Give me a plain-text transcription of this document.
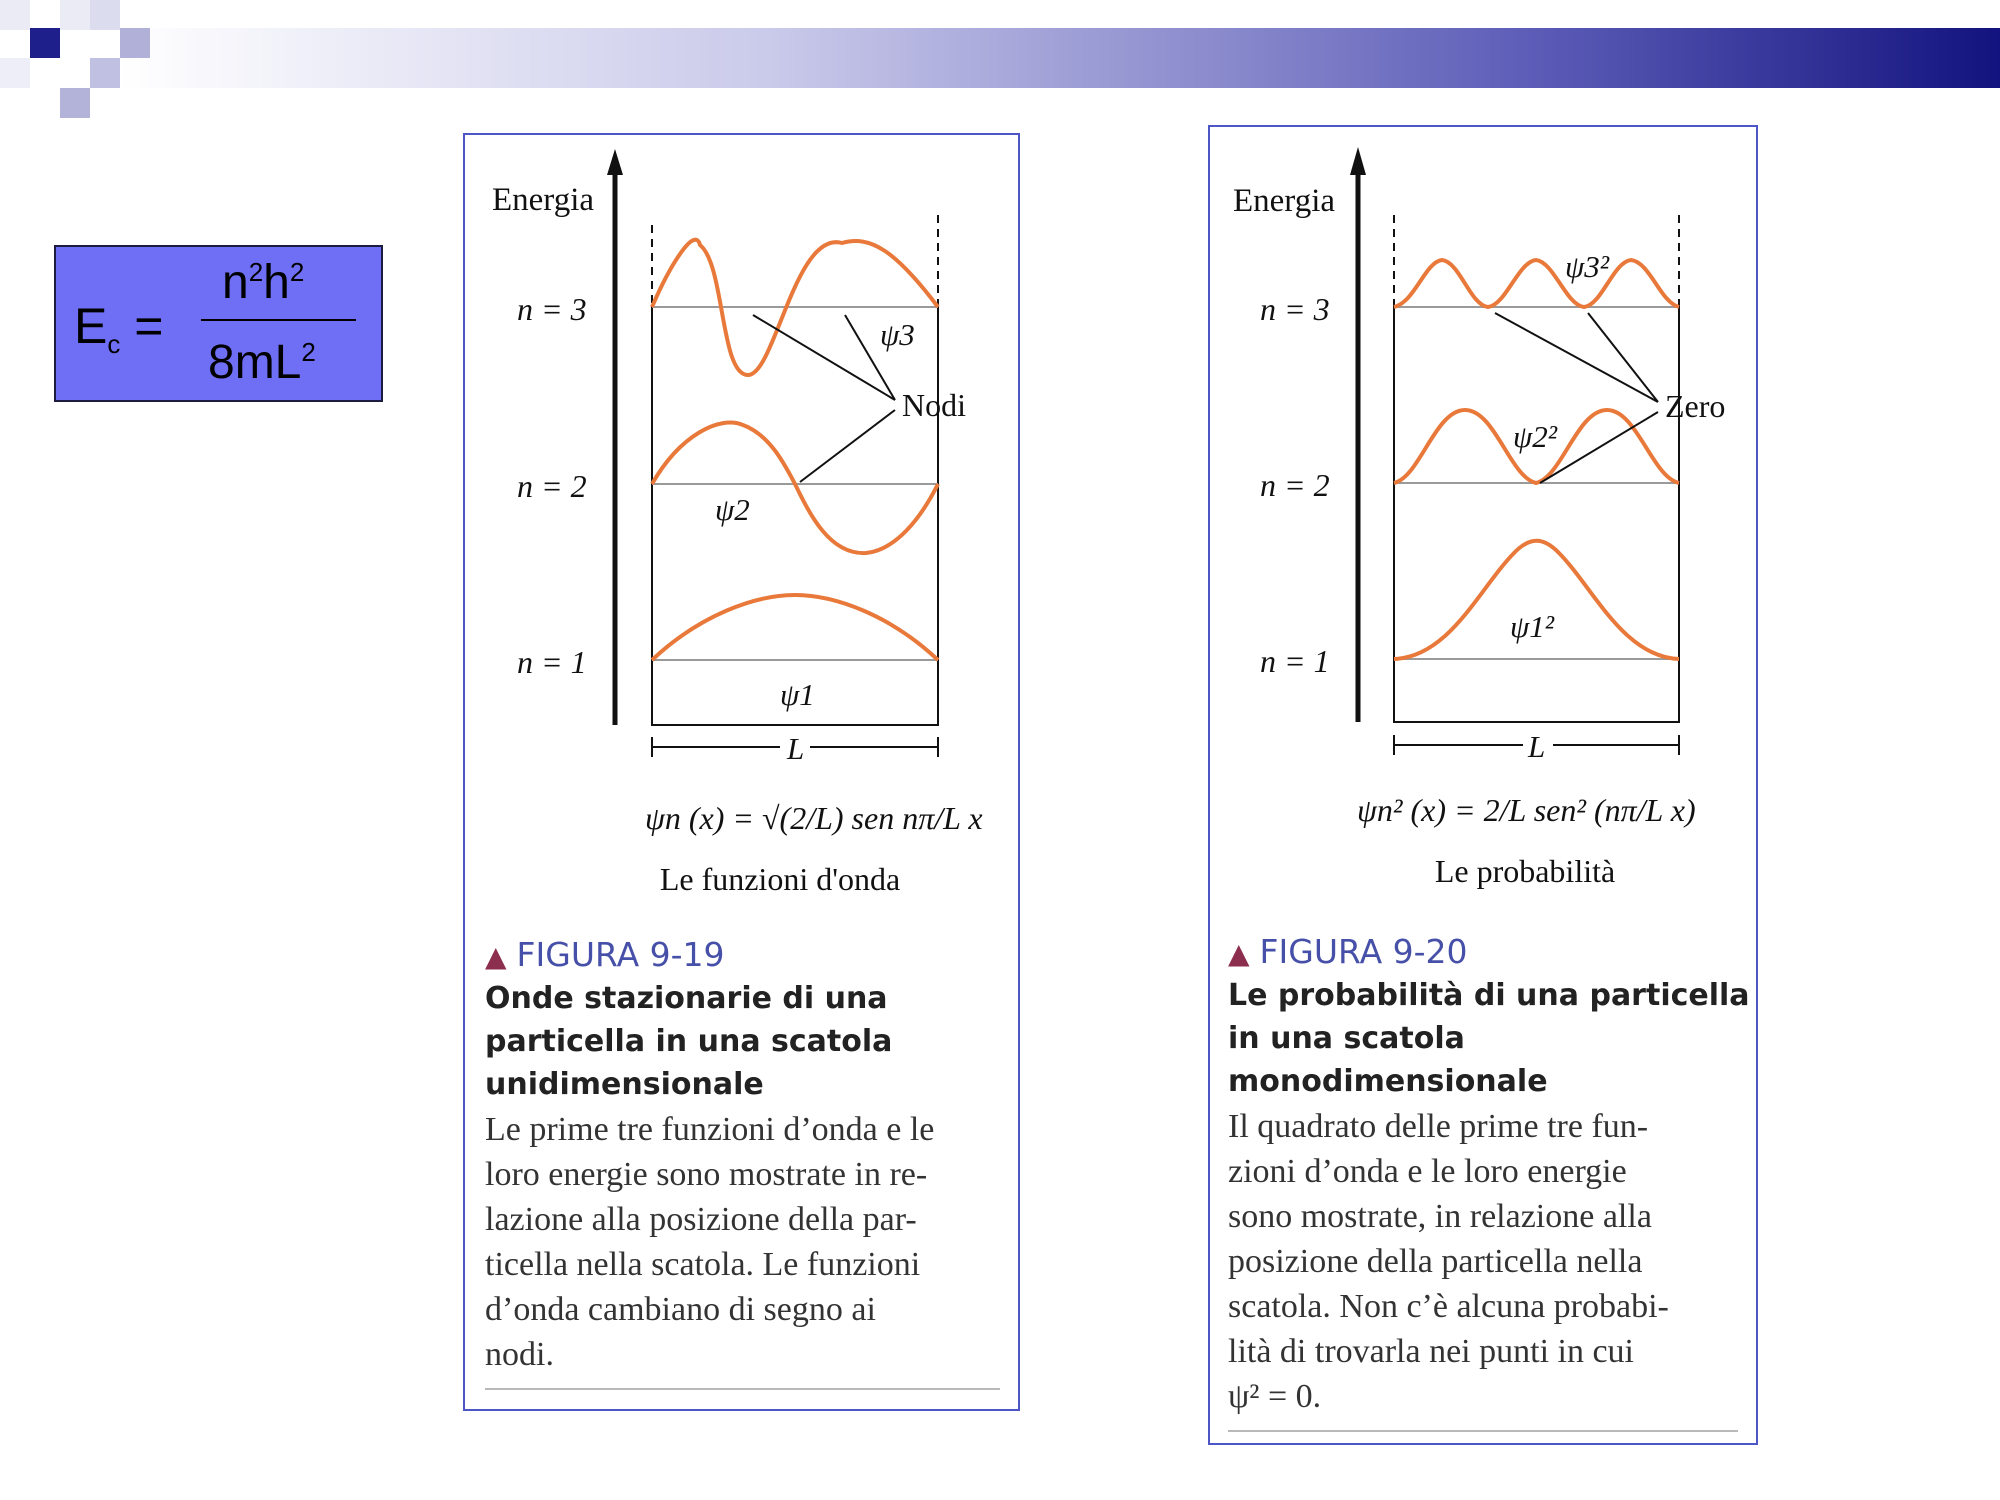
$E_c$ =
$n^2h^2$
$8mL^2$
Energia
n = 3
n = 2
n = 1
ψ3
ψ2
ψ1
Nodi
L
ψn (x) = √(2/L) sen nπ/L x
Le funzioni d'onda
▲ FIGURA 9-19
Onde stazionarie di una
particella in una scatola
unidimensionale
Le prime tre funzioni d’onda e le
loro energie sono mostrate in re-
lazione alla posizione della par-
ticella nella scatola. Le funzioni
d’onda cambiano di segno ai
nodi.
Energia
n = 3
n = 2
n = 1
ψ3²
ψ2²
ψ1²
Zero
L
ψn² (x) = 2/L sen² (nπ/L x)
Le probabilità
▲ FIGURA 9-20
Le probabilità di una particella
in una scatola
monodimensionale
Il quadrato delle prime tre fun-
zioni d’onda e le loro energie
sono mostrate, in relazione alla
posizione della particella nella
scatola. Non c’è alcuna probabi-
lità di trovarla nei punti in cui
ψ² = 0.
